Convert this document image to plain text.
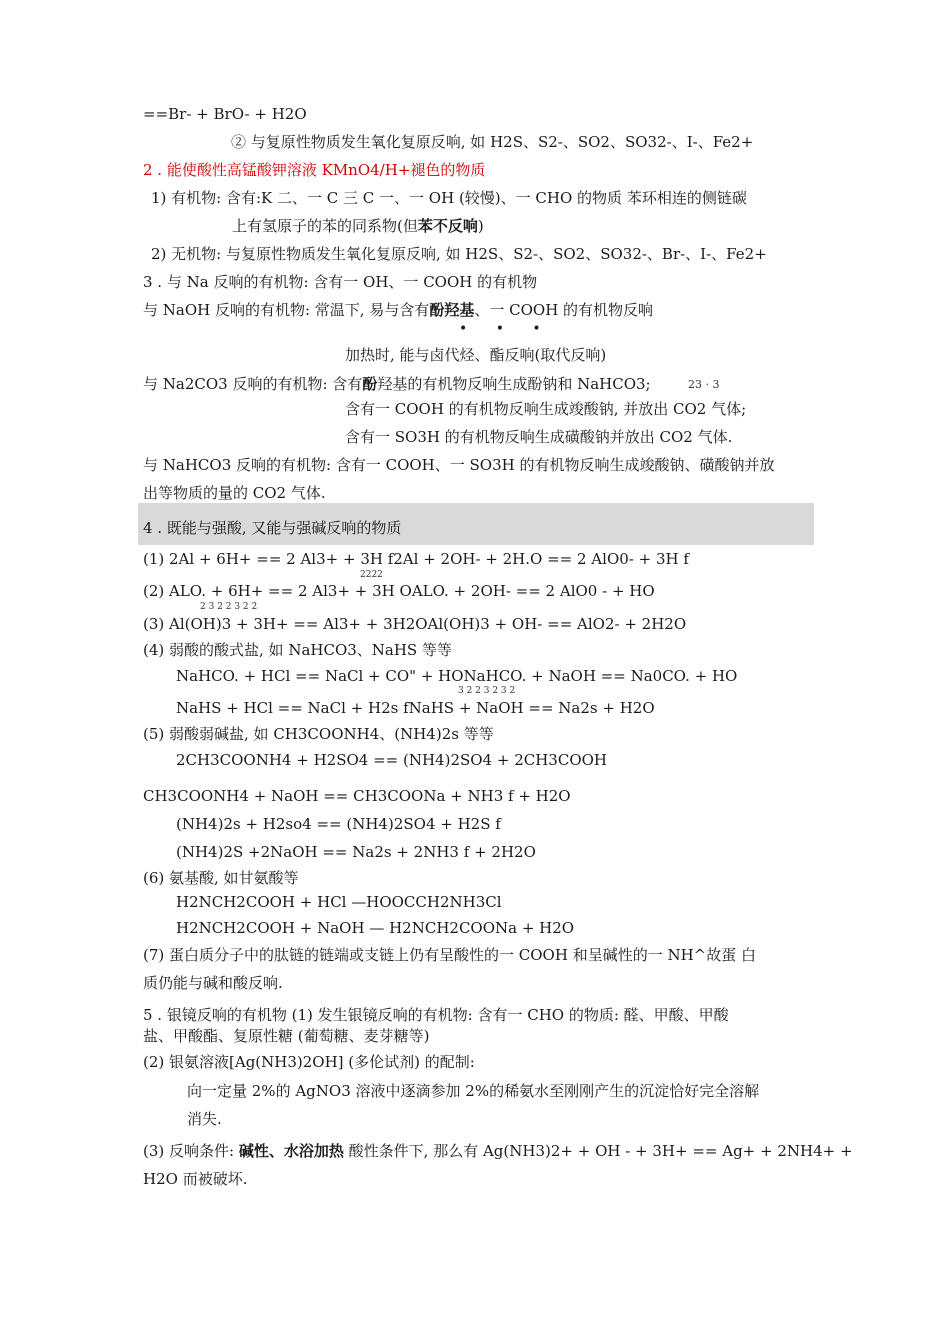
==Br- + BrO- + H2O
② 与复原性物质发生氧化复原反响, 如 H2S、S2-、SO2、SO32-、I-、Fe2+
2 . 能使酸性高锰酸钾溶液 KMnO4/H+褪色的物质
1) 有机物: 含有:K 二、一 C 三 C 一、一 OH (较慢)、一 CHO 的物质 苯环相连的侧链碳
上有氢原子的苯的同系物(但苯不反响)
2) 无机物: 与复原性物质发生氧化复原反响, 如 H2S、S2-、SO2、SO32-、Br-、I-、Fe2+
3 . 与 Na 反响的有机物: 含有一 OH、一 COOH 的有机物
与 NaOH 反响的有机物: 常温下, 易与含有酚羟基、一 COOH 的有机物反响
• • •
加热时, 能与卤代烃、酯反响(取代反响)
与 Na2CO3 反响的有机物: 含有酚羟基的有机物反响生成酚钠和 NaHCO3;	23 · 3
含有一 COOH 的有机物反响生成竣酸钠, 并放出 CO2 气体;
含有一 SO3H 的有机物反响生成磺酸钠并放出 CO2 气体.
与 NaHCO3 反响的有机物: 含有一 COOH、一 SO3H 的有机物反响生成竣酸钠、磺酸钠并放
出等物质的量的 CO2 气体.
4 . 既能与强酸, 又能与强碱反响的物质
(1) 2Al + 6H+ == 2 Al3+ + 3H f2Al + 2OH- + 2H.O == 2 AlO0- + 3H f
2222
(2) ALO. + 6H+ == 2 Al3+ + 3H OALO. + 2OH- == 2 AlO0 - + HO
2 3 2 2 3 2 2
(3) Al(OH)3 + 3H+ == Al3+ + 3H2OAl(OH)3 + OH- == AlO2- + 2H2O
(4) 弱酸的酸式盐, 如 NaHCO3、NaHS 等等
NaHCO. + HCl == NaCl + CO" + HONaHCO. + NaOH == Na0CO. + HO
3 2 2 3 2 3 2
NaHS + HCl == NaCl + H2s fNaHS + NaOH == Na2s + H2O
(5) 弱酸弱碱盐, 如 CH3COONH4、(NH4)2s 等等
2CH3COONH4 + H2SO4 == (NH4)2SO4 + 2CH3COOH
CH3COONH4 + NaOH == CH3COONa + NH3 f + H2O
(NH4)2s + H2so4 == (NH4)2SO4 + H2S f
(NH4)2S +2NaOH == Na2s + 2NH3 f + 2H2O
(6) 氨基酸, 如甘氨酸等
H2NCH2COOH + HCl —HOOCCH2NH3Cl
H2NCH2COOH + NaOH — H2NCH2COONa + H2O
(7) 蛋白质分子中的肽链的链端或支链上仍有呈酸性的一 COOH 和呈碱性的一 NH^故蛋 白
质仍能与碱和酸反响.
5 . 银镜反响的有机物 (1) 发生银镜反响的有机物: 含有一 CHO 的物质: 醛、甲酸、甲酸
盐、甲酸酯、复原性糖 (葡萄糖、麦芽糖等)
(2) 银氨溶液[Ag(NH3)2OH] (多伦试剂) 的配制:
向一定量 2%的 AgNO3 溶液中逐滴参加 2%的稀氨水至刚刚产生的沉淀恰好完全溶解
消失.
(3) 反响条件: 碱性、水浴加热 酸性条件下, 那么有 Ag(NH3)2+ + OH - + 3H+ == Ag+ + 2NH4+ +
H2O 而被破坏.
